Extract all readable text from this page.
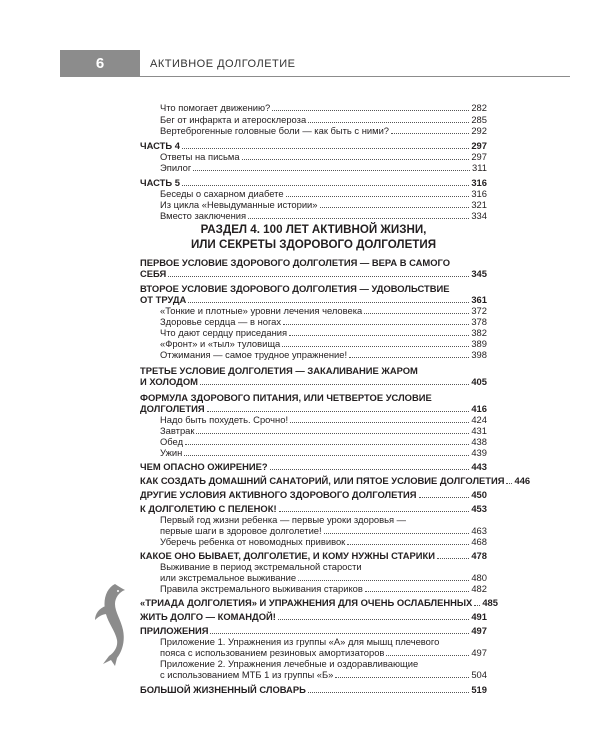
6	АКТИВНОЕ ДОЛГОЛЕТИЕ
Что помогает движению?	282
Бег от инфаркта и атеросклероза	285
Вертеброгенные головные боли — как быть с ними?	292
ЧАСТЬ 4	297
Ответы на письма	297
Эпилог	311
ЧАСТЬ 5	316
Беседы о сахарном диабете	316
Из цикла «Невыдуманные истории»	321
Вместо заключения	334
РАЗДЕЛ 4. 100 ЛЕТ АКТИВНОЙ ЖИЗНИ,
ИЛИ СЕКРЕТЫ ЗДОРОВОГО ДОЛГОЛЕТИЯ
ПЕРВОЕ УСЛОВИЕ ЗДОРОВОГО ДОЛГОЛЕТИЯ — ВЕРА В САМОГО
СЕБЯ	345
ВТОРОЕ УСЛОВИЕ ЗДОРОВОГО ДОЛГОЛЕТИЯ — УДОВОЛЬСТВИЕ
ОТ ТРУДА	361
«Тонкие и плотные» уровни лечения человека	372
Здоровье сердца — в ногах	378
Что дают сердцу приседания	382
«Фронт» и «тыл» туловища	389
Отжимания — самое трудное упражнение!	398
ТРЕТЬЕ УСЛОВИЕ ДОЛГОЛЕТИЯ — ЗАКАЛИВАНИЕ ЖАРОМ
И ХОЛОДОМ	405
ФОРМУЛА ЗДОРОВОГО ПИТАНИЯ, ИЛИ ЧЕТВЕРТОЕ УСЛОВИЕ
ДОЛГОЛЕТИЯ	416
Надо быть похудеть. Срочно!	424
Завтрак	431
Обед	438
Ужин	439
ЧЕМ ОПАСНО ОЖИРЕНИЕ?	443
КАК СОЗДАТЬ ДОМАШНИЙ САНАТОРИЙ, ИЛИ ПЯТОЕ УСЛОВИЕ ДОЛГОЛЕТИЯ 446
ДРУГИЕ УСЛОВИЯ АКТИВНОГО ЗДОРОВОГО ДОЛГОЛЕТИЯ	450
К ДОЛГОЛЕТИЮ С ПЕЛЕНОК!	453
Первый год жизни ребенка — первые уроки здоровья —
первые шаги в здоровое долголетие!	463
Уберечь ребенка от новомодных прививок	468
КАКОЕ ОНО БЫВАЕТ, ДОЛГОЛЕТИЕ, И КОМУ НУЖНЫ СТАРИКИ	478
Выживание в период экстремальной старости
или экстремальное выживание	480
Правила экстремального выживания стариков	482
«ТРИАДА ДОЛГОЛЕТИЯ» И УПРАЖНЕНИЯ ДЛЯ ОЧЕНЬ ОСЛАБЛЕННЫХ 485
ЖИТЬ ДОЛГО — КОМАНДОЙ!	491
ПРИЛОЖЕНИЯ	497
Приложение 1. Упражнения из группы «А» для мышц плечевого
пояса с использованием резиновых амортизаторов	497
Приложение 2. Упражнения лечебные и оздоравливающие
с использованием МТБ 1 из группы «Б»	504
БОЛЬШОЙ ЖИЗНЕННЫЙ СЛОВАРЬ	519
